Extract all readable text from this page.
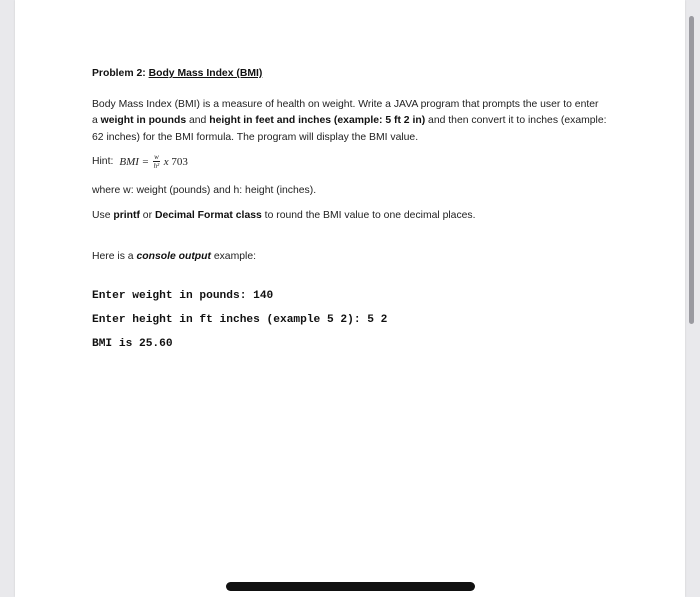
Problem 2: Body Mass Index (BMI)
Body Mass Index (BMI) is a measure of health on weight. Write a JAVA program that prompts the user to enter a weight in pounds and height in feet and inches (example: 5 ft 2 in) and then convert it to inches (example: 62 inches) for the BMI formula. The program will display the BMI value.
Hint: BMI = $\frac{w}{\text{h²}}$ x 703
where w: weight (pounds) and h: height (inches).
Use printf or Decimal Format class to round the BMI value to one decimal places.
Here is a console output example:
Enter weight in pounds: 140
Enter height in ft inches (example 5 2): 5 2
BMI is 25.60
